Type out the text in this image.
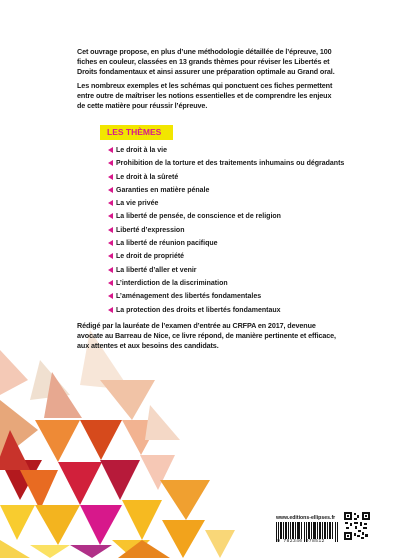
Cet ouvrage propose, en plus d’une méthodologie détaillée de l’épreuve, 100 fiches en couleur, classées en 13 grands thèmes pour réviser les Libertés et Droits fondamentaux et ainsi assurer une préparation optimale au Grand oral.

Les nombreux exemples et les schémas qui ponctuent ces fiches permettent entre outre de maîtriser les notions essentielles et de comprendre les enjeux de cette matière pour réussir l’épreuve.

LES THÈMES
Le droit à la vie
Prohibition de la torture et des traitements inhumains ou dégradants
Le droit à la sûreté
Garanties en matière pénale
La vie privée
La liberté de pensée, de conscience et de religion
Liberté d’expression
La liberté de réunion pacifique
Le droit de propriété
La liberté d’aller et venir
L’interdiction de la discrimination
L’aménagement des libertés fondamentales
La protection des droits et libertés fondamentaux
Rédigé par la lauréate de l’examen d’entrée au CRFPA en 2017, devenue avocate au Barreau de Nice, ce livre répond, de manière pertinente et efficace, aux attentes et aux besoins des candidats.
www.editions-ellipses.fr
9 782340 078512
